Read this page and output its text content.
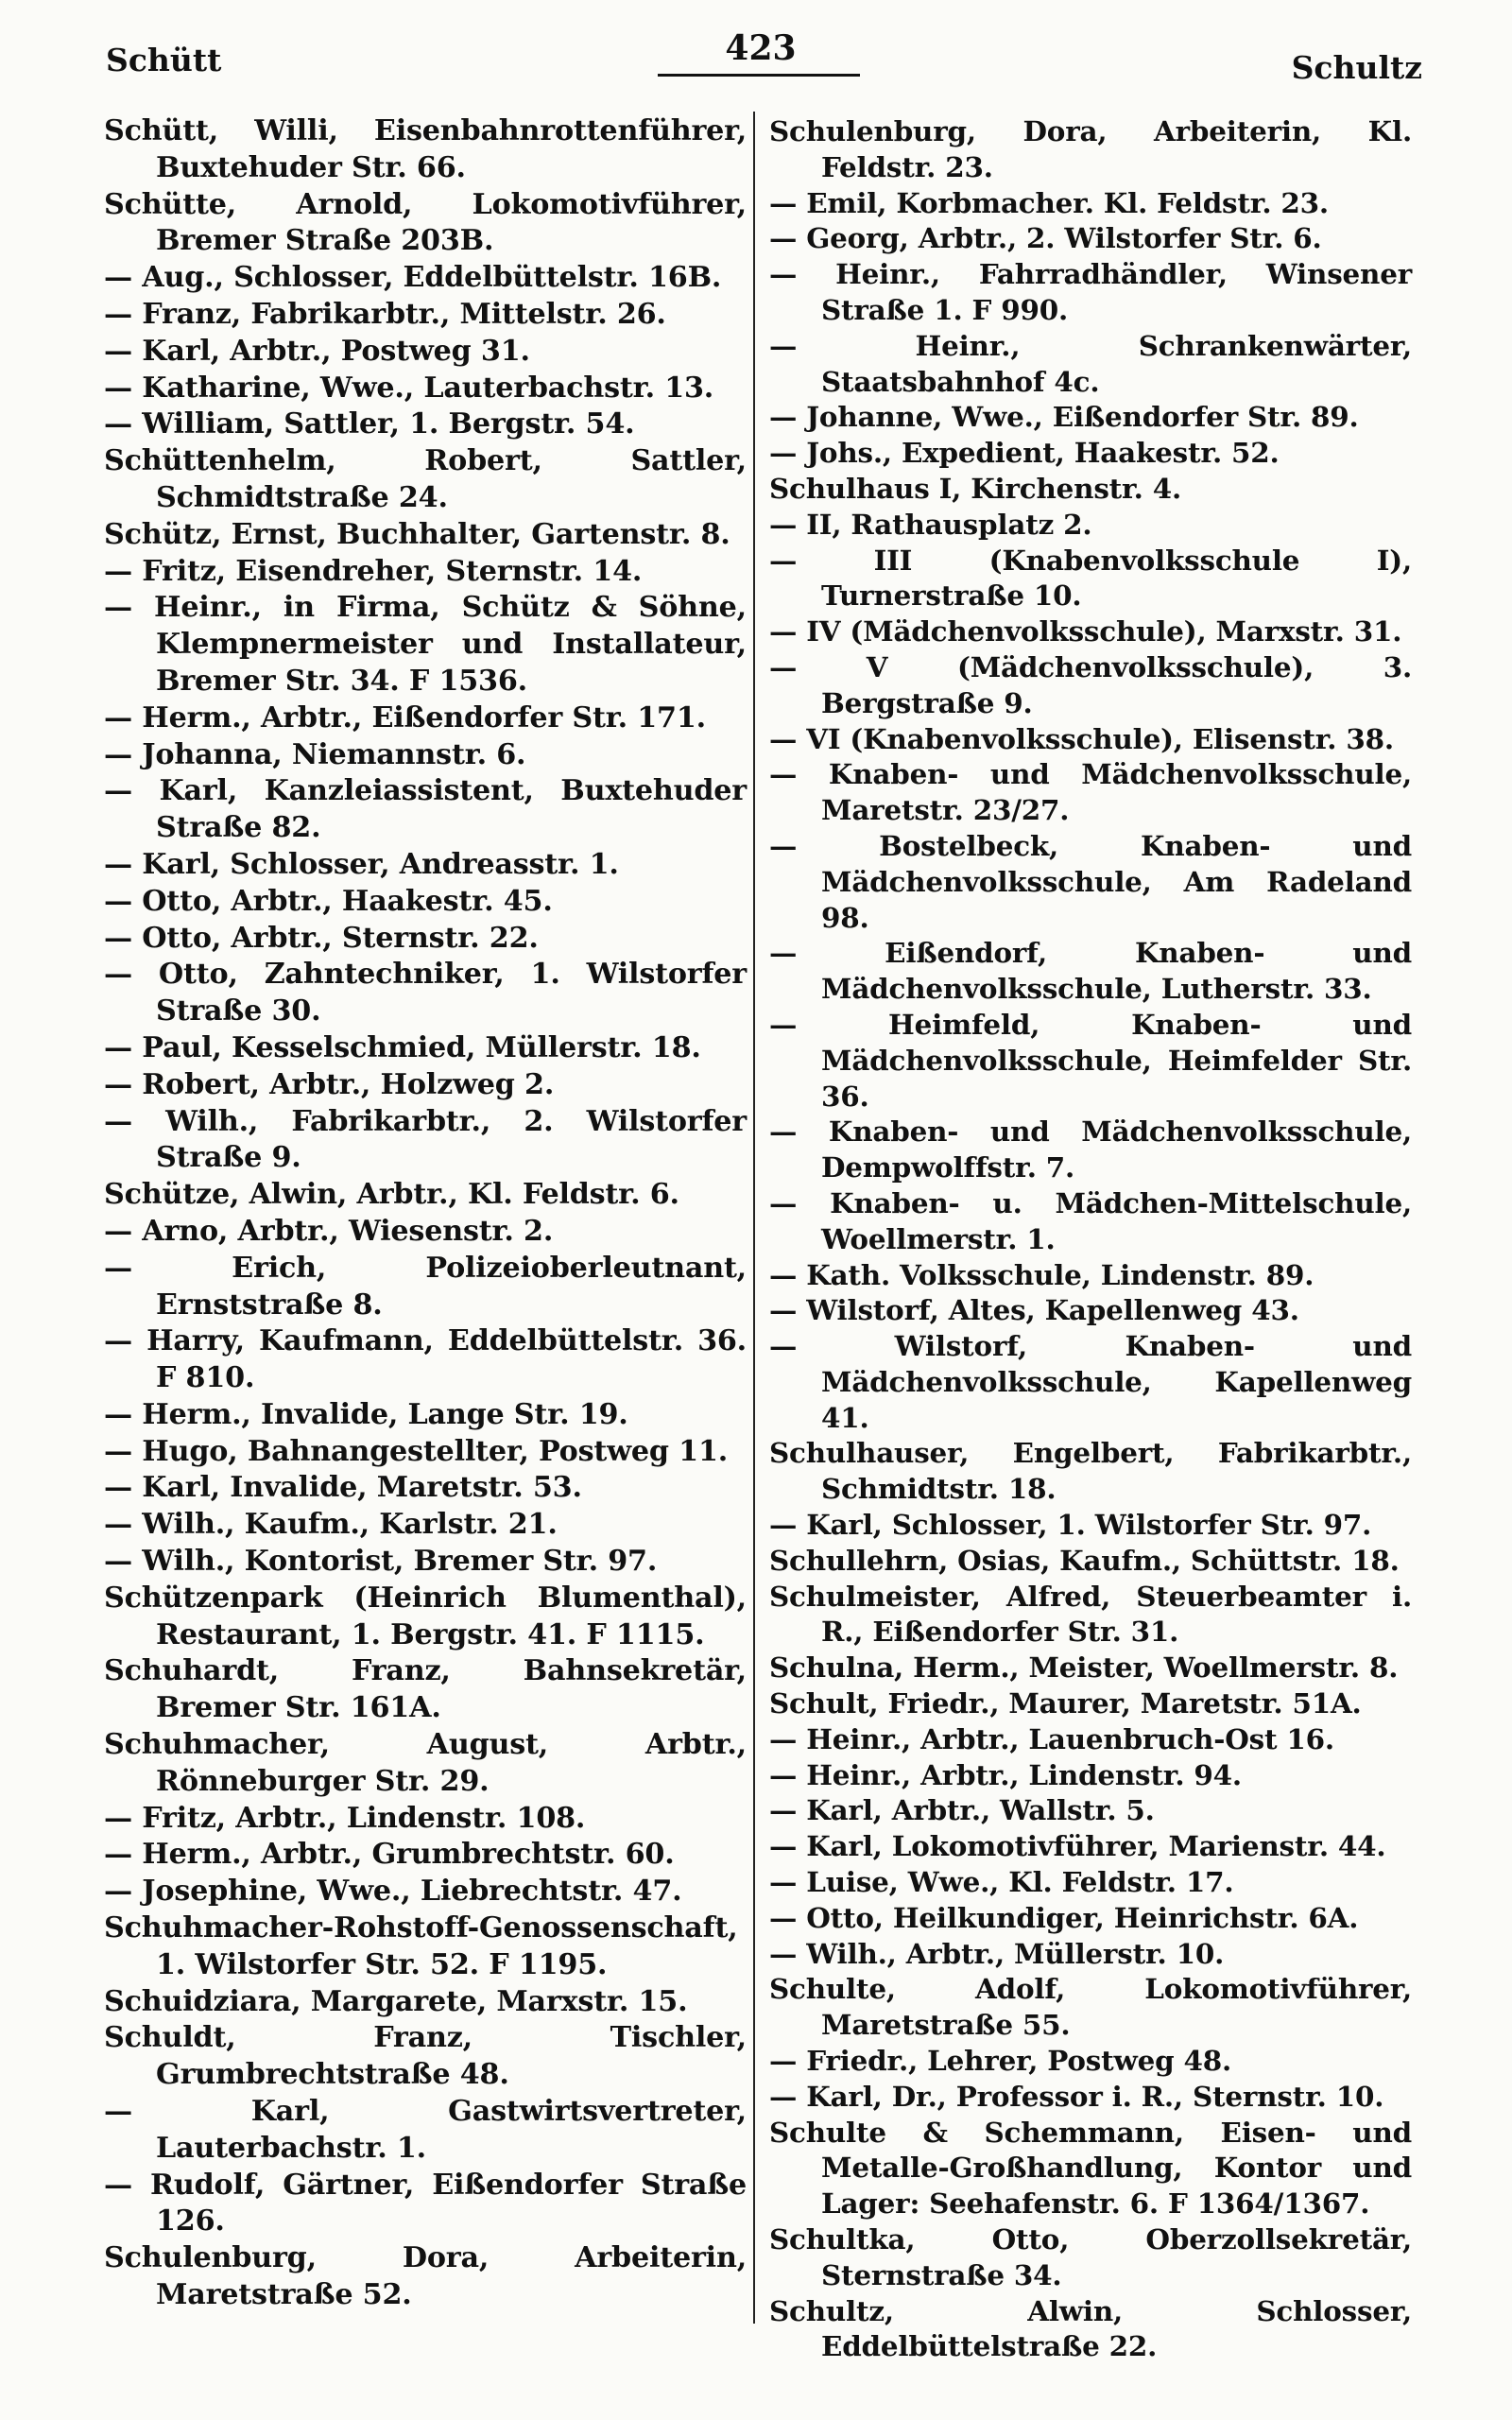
Schütt	423	Schultz

Schütt, Willi, Eisenbahnrottenführer, Buxtehuder Str. 66.

Schütte, Arnold, Lokomotivführer, Bremer Straße 203B.

— Aug., Schlosser, Eddelbüttelstr. 16B.

— Franz, Fabrikarbtr., Mittelstr. 26.

— Karl, Arbtr., Postweg 31.

— Katharine, Wwe., Lauterbachstr. 13.

— William, Sattler, 1. Bergstr. 54.

Schüttenhelm, Robert, Sattler, Schmidtstraße 24.

Schütz, Ernst, Buchhalter, Gartenstr. 8.

— Fritz, Eisendreher, Sternstr. 14.

— Heinr., in Firma, Schütz & Söhne, Klempnermeister und Installateur, Bremer Str. 34. F 1536.

— Herm., Arbtr., Eißendorfer Str. 171.

— Johanna, Niemannstr. 6.

— Karl, Kanzleiassistent, Buxtehuder Straße 82.

— Karl, Schlosser, Andreasstr. 1.

— Otto, Arbtr., Haakestr. 45.

— Otto, Arbtr., Sternstr. 22.

— Otto, Zahntechniker, 1. Wilstorfer Straße 30.

— Paul, Kesselschmied, Müllerstr. 18.

— Robert, Arbtr., Holzweg 2.

— Wilh., Fabrikarbtr., 2. Wilstorfer Straße 9.

Schütze, Alwin, Arbtr., Kl. Feldstr. 6.

— Arno, Arbtr., Wiesenstr. 2.

— Erich, Polizeioberleutnant, Ernststraße 8.

— Harry, Kaufmann, Eddelbüttelstr. 36. F 810.

— Herm., Invalide, Lange Str. 19.

— Hugo, Bahnangestellter, Postweg 11.

— Karl, Invalide, Maretstr. 53.

— Wilh., Kaufm., Karlstr. 21.

— Wilh., Kontorist, Bremer Str. 97.

Schützenpark (Heinrich Blumenthal), Restaurant, 1. Bergstr. 41. F 1115.

Schuhardt, Franz, Bahnsekretär, Bremer Str. 161A.

Schuhmacher, August, Arbtr., Rönneburger Str. 29.

— Fritz, Arbtr., Lindenstr. 108.

— Herm., Arbtr., Grumbrechtstr. 60.

— Josephine, Wwe., Liebrechtstr. 47.

Schuhmacher-Rohstoff-Genossenschaft, 1. Wilstorfer Str. 52. F 1195.

Schuidziara, Margarete, Marxstr. 15.

Schuldt, Franz, Tischler, Grumbrechtstraße 48.

— Karl, Gastwirtsvertreter, Lauterbachstr. 1.

— Rudolf, Gärtner, Eißendorfer Straße 126.

Schulenburg, Dora, Arbeiterin, Maretstraße 52.

Schulenburg, Dora, Arbeiterin, Kl. Feldstr. 23.

— Emil, Korbmacher. Kl. Feldstr. 23.

— Georg, Arbtr., 2. Wilstorfer Str. 6.

— Heinr., Fahrradhändler, Winsener Straße 1. F 990.

— Heinr., Schrankenwärter, Staatsbahnhof 4c.

— Johanne, Wwe., Eißendorfer Str. 89.

— Johs., Expedient, Haakestr. 52.

Schulhaus I, Kirchenstr. 4.

— II, Rathausplatz 2.

— III (Knabenvolksschule I), Turnerstraße 10.

— IV (Mädchenvolksschule), Marxstr. 31.

— V (Mädchenvolksschule), 3. Bergstraße 9.

— VI (Knabenvolksschule), Elisenstr. 38.

— Knaben- und Mädchenvolksschule, Maretstr. 23/27.

— Bostelbeck, Knaben- und Mädchenvolksschule, Am Radeland 98.

— Eißendorf, Knaben- und Mädchenvolksschule, Lutherstr. 33.

— Heimfeld, Knaben- und Mädchenvolksschule, Heimfelder Str. 36.

— Knaben- und Mädchenvolksschule, Dempwolffstr. 7.

— Knaben- u. Mädchen-Mittelschule, Woellmerstr. 1.

— Kath. Volksschule, Lindenstr. 89.

— Wilstorf, Altes, Kapellenweg 43.

— Wilstorf, Knaben- und Mädchenvolksschule, Kapellenweg 41.

Schulhauser, Engelbert, Fabrikarbtr., Schmidtstr. 18.

— Karl, Schlosser, 1. Wilstorfer Str. 97.

Schullehrn, Osias, Kaufm., Schüttstr. 18.

Schulmeister, Alfred, Steuerbeamter i. R., Eißendorfer Str. 31.

Schulna, Herm., Meister, Woellmerstr. 8.

Schult, Friedr., Maurer, Maretstr. 51A.

— Heinr., Arbtr., Lauenbruch-Ost 16.

— Heinr., Arbtr., Lindenstr. 94.

— Karl, Arbtr., Wallstr. 5.

— Karl, Lokomotivführer, Marienstr. 44.

— Luise, Wwe., Kl. Feldstr. 17.

— Otto, Heilkundiger, Heinrichstr. 6A.

— Wilh., Arbtr., Müllerstr. 10.

Schulte, Adolf, Lokomotivführer, Maretstraße 55.

— Friedr., Lehrer, Postweg 48.

— Karl, Dr., Professor i. R., Sternstr. 10.

Schulte & Schemmann, Eisen- und Metalle-Großhandlung, Kontor und Lager: Seehafenstr. 6. F 1364/1367.

Schultka, Otto, Oberzollsekretär, Sternstraße 34.

Schultz, Alwin, Schlosser, Eddelbüttelstraße 22.
